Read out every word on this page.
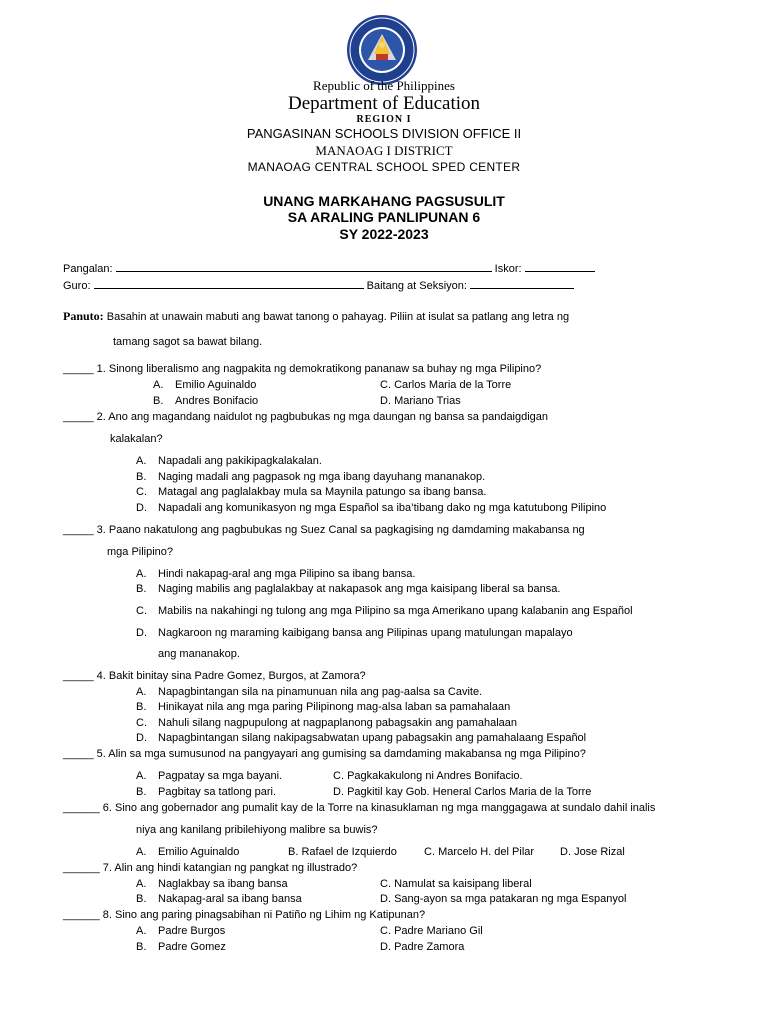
Republic of the Philippines
Department of Education
REGION I
PANGASINAN SCHOOLS DIVISION OFFICE II
MANAOAG I DISTRICT
MANAOAG CENTRAL SCHOOL SPED CENTER
UNANG MARKAHANG PAGSUSULIT
SA ARALING PANLIPUNAN 6
SY 2022-2023
Pangalan:	Iskor:
Guro:	Baitang at Seksiyon:
Panuto: Basahin at unawain mabuti ang bawat tanong o pahayag. Piliin at isulat sa patlang ang letra ng
tamang sagot sa bawat bilang.
_____ 1. Sinong liberalismo ang nagpakita ng demokratikong pananaw sa buhay ng mga Pilipino?
A. Emilio Aguinaldo
B. Andres Bonifacio
C. Carlos Maria de la Torre
D. Mariano Trias
_____ 2. Ano ang magandang naidulot ng pagbubukas ng mga daungan ng bansa sa pandaigdigan
kalakalan?
A. Napadali ang pakikipagkalakalan.
B. Naging madali ang pagpasok ng mga ibang dayuhang mananakop.
C. Matagal ang paglalakbay mula sa Maynila patungo sa ibang bansa.
D. Napadali ang komunikasyon ng mga Español sa iba’tibang dako ng mga katutubong Pilipino
_____ 3. Paano nakatulong ang pagbubukas ng Suez Canal sa pagkagising ng damdaming makabansa ng
mga Pilipino?
A. Hindi nakapag-aral ang mga Pilipino sa ibang bansa.
B. Naging mabilis ang paglalakbay at nakapasok ang mga kaisipang liberal sa bansa.
C. Mabilis na nakahingi ng tulong ang mga Pilipino sa mga Amerikano upang kalabanin ang Español
D. Nagkaroon ng maraming kaibigang bansa ang Pilipinas upang matulungan mapalayo
ang mananakop.
_____ 4. Bakit binitay sina Padre Gomez, Burgos, at Zamora?
A. Napagbintangan sila na pinamunuan nila ang pag-aalsa sa Cavite.
B. Hinikayat nila ang mga paring Pilipinong mag-alsa laban sa pamahalaan
C. Nahuli silang nagpupulong at nagpaplanong pabagsakin ang pamahalaan
D. Napagbintangan silang nakipagsabwatan upang pabagsakin ang pamahalaang Español
_____ 5. Alin sa mga sumusunod na pangyayari ang gumising sa damdaming makabansa ng mga Pilipino?
A. Pagpatay sa mga bayani.
B. Pagbitay sa tatlong pari.
C. Pagkakakulong ni Andres Bonifacio.
D. Pagkitil kay Gob. Heneral Carlos Maria de la Torre
______ 6. Sino ang gobernador ang pumalit kay de la Torre na kinasuklaman ng mga manggagawa at sundalo dahil inalis
niya ang kanilang pribilehiyong malibre sa buwis?
A. Emilio Aguinaldo	B. Rafael de Izquierdo C. Marcelo H. del Pilar D. Jose Rizal
______ 7. Alin ang hindi katangian ng pangkat ng illustrado?
A. Naglakbay sa ibang bansa
B. Nakapag-aral sa ibang bansa
C. Namulat sa kaisipang liberal
D. Sang-ayon sa mga patakaran ng mga Espanyol
______ 8. Sino ang paring pinagsabihan ni Patiño ng Lihim ng Katipunan?
A. Padre Burgos
B. Padre Gomez
C. Padre Mariano Gil
D. Padre Zamora
